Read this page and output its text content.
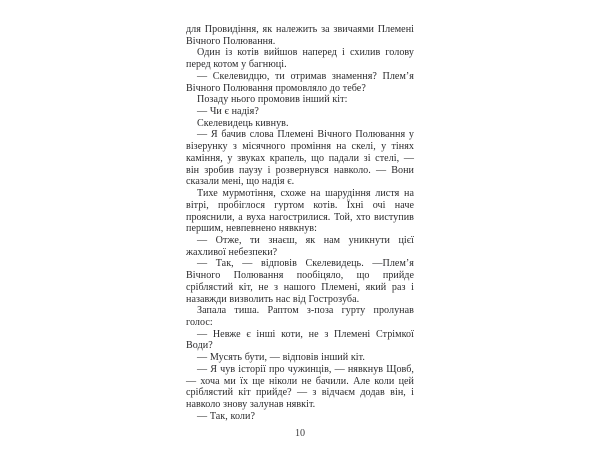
для Провидіння, як належить за звичаями Племені Вічного Полювання.

Один із котів вийшов наперед і схилив голову перед котом у багнюці.

— Скелевидцю, ти отримав знамення? Плем’я Вічного Полювання промовляло до тебе?

Позаду нього промовив інший кіт:

— Чи є надія?

Скелевидець кивнув.

— Я бачив слова Племені Вічного Полювання у візерунку з місячного проміння на скелі, у тінях каміння, у звуках крапель, що падали зі стелі, — він зробив паузу і розвернувся навколо. — Вони сказали мені, що надія є.

Тихе мурмотіння, схоже на шарудіння листя на вітрі, пробіглося гуртом котів. Їхні очі наче прояснили, а вуха нагострилися. Той, хто виступив першим, невпевнено нявкнув:

— Отже, ти знаєш, як нам уникнути цієї жахливої небезпеки?

— Так, — відповів Скелевидець. —Плем’я Вічного Полювання пообіцяло, що прийде сріблястий кіт, не з нашого Племені, який раз і назавжди визволить нас від Гострозуба.

Запала тиша. Раптом з-поза гурту пролунав голос:

— Невже є інші коти, не з Племені Стрімкої Води?

— Мусять бути, — відповів інший кіт.

— Я чув історії про чужинців, — нявкнув Щовб, — хоча ми їх ще ніколи не бачили. Але коли цей сріблястий кіт прийде? — з відчаєм додав він, і навколо знову залунав нявкіт.

— Так, коли?

10
